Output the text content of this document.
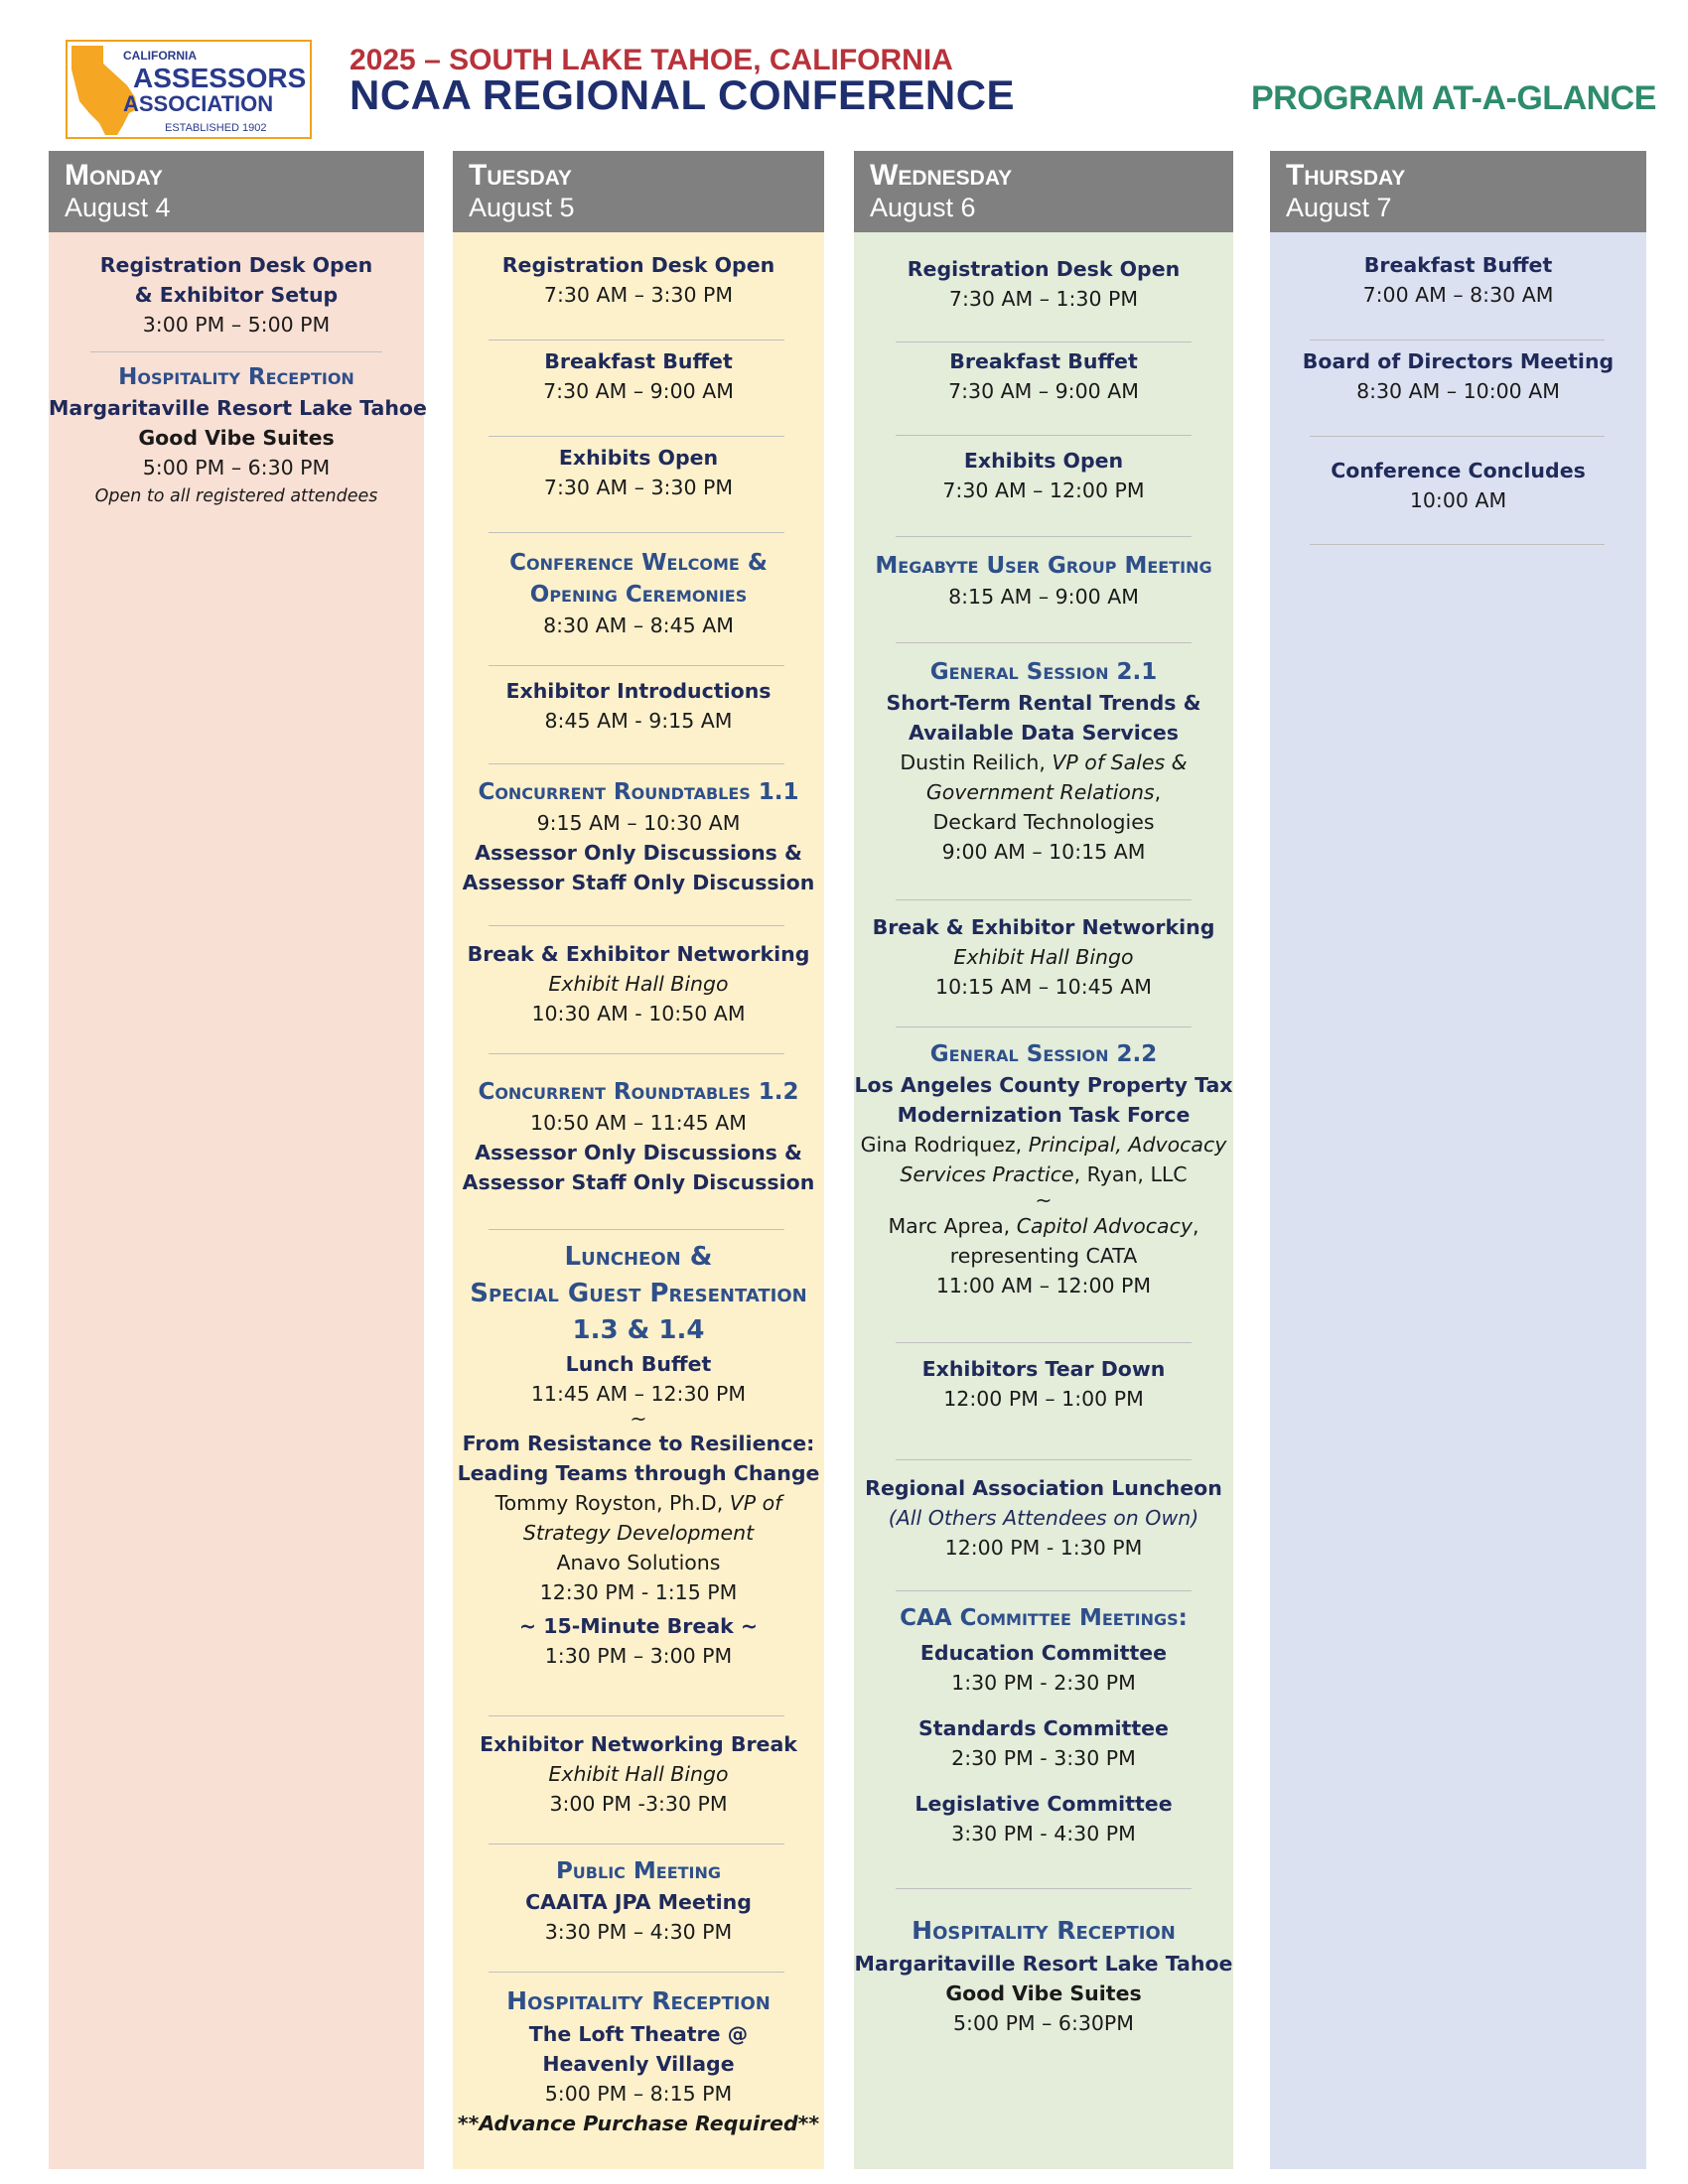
CALIFORNIA
ASSESSORS
ASSOCIATION
ESTABLISHED 1902
2025 – SOUTH LAKE TAHOE, CALIFORNIA
NCAA REGIONAL CONFERENCE	PROGRAM AT-A-GLANCE
Monday
August 4
Registration Desk Open
& Exhibitor Setup
3:00 PM – 5:00 PM
Hospitality Reception
Margaritaville Resort Lake Tahoe
Good Vibe Suites
5:00 PM – 6:30 PM
Open to all registered attendees
Tuesday
August 5
Registration Desk Open
7:30 AM – 3:30 PM
Breakfast Buffet
7:30 AM – 9:00 AM
Exhibits Open
7:30 AM – 3:30 PM
Conference Welcome &
Opening Ceremonies
8:30 AM – 8:45 AM
Exhibitor Introductions
8:45 AM - 9:15 AM
Concurrent Roundtables 1.1
9:15 AM – 10:30 AM
Assessor Only Discussions &
Assessor Staff Only Discussion
Break & Exhibitor Networking
Exhibit Hall Bingo
10:30 AM - 10:50 AM
Concurrent Roundtables 1.2
10:50 AM – 11:45 AM
Assessor Only Discussions &
Assessor Staff Only Discussion
Luncheon &
Special Guest Presentation
1.3 & 1.4
Lunch Buffet
11:45 AM – 12:30 PM
~
From Resistance to Resilience:
Leading Teams through Change
Tommy Royston, Ph.D, VP of
Strategy Development
Anavo Solutions
12:30 PM - 1:15 PM
~ 15-Minute Break ~
1:30 PM – 3:00 PM
Exhibitor Networking Break
Exhibit Hall Bingo
3:00 PM -3:30 PM
Public Meeting
CAAITA JPA Meeting
3:30 PM – 4:30 PM
Hospitality Reception
The Loft Theatre @
Heavenly Village
5:00 PM – 8:15 PM
**Advance Purchase Required**
Wednesday
August 6
Registration Desk Open
7:30 AM – 1:30 PM
Breakfast Buffet
7:30 AM – 9:00 AM
Exhibits Open
7:30 AM – 12:00 PM
Megabyte User Group Meeting
8:15 AM – 9:00 AM
General Session 2.1
Short-Term Rental Trends &
Available Data Services
Dustin Reilich, VP of Sales &
Government Relations,
Deckard Technologies
9:00 AM – 10:15 AM
Break & Exhibitor Networking
Exhibit Hall Bingo
10:15 AM – 10:45 AM
General Session 2.2
Los Angeles County Property Tax
Modernization Task Force
Gina Rodriquez, Principal, Advocacy
Services Practice, Ryan, LLC
~
Marc Aprea, Capitol Advocacy,
representing CATA
11:00 AM – 12:00 PM
Exhibitors Tear Down
12:00 PM – 1:00 PM
Regional Association Luncheon
(All Others Attendees on Own)
12:00 PM - 1:30 PM
CAA Committee Meetings:
Education Committee
1:30 PM - 2:30 PM
Standards Committee
2:30 PM - 3:30 PM
Legislative Committee
3:30 PM - 4:30 PM
Hospitality Reception
Margaritaville Resort Lake Tahoe
Good Vibe Suites
5:00 PM – 6:30PM
Thursday
August 7
Breakfast Buffet
7:00 AM – 8:30 AM
Board of Directors Meeting
8:30 AM – 10:00 AM
Conference Concludes
10:00 AM
